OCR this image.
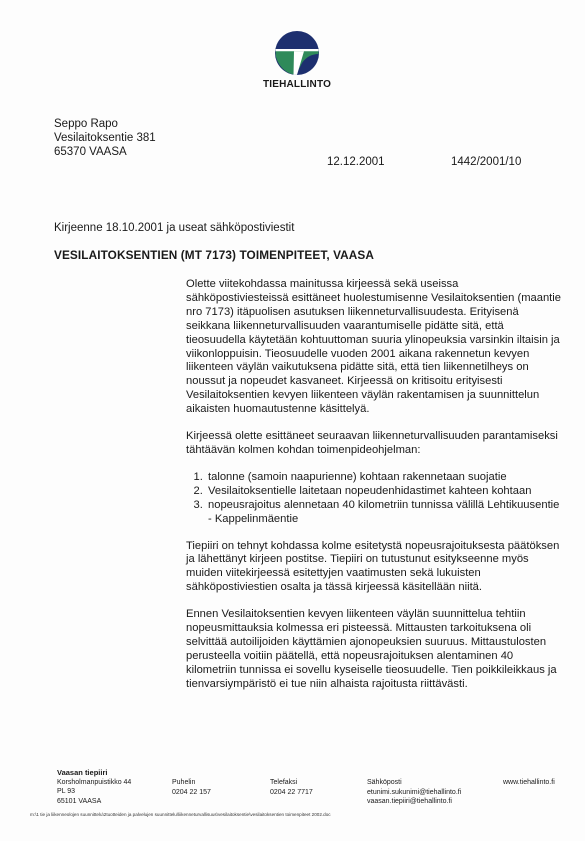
TIEHALLINTO
Seppo Rapo
Vesilaitoksentie 381
65370 VAASA
12.12.2001	1442/2001/10
Kirjeenne 18.10.2001 ja useat sähköpostiviestit
VESILAITOKSENTIEN (MT 7173) TOIMENPITEET, VAASA

Olette viitekohdassa mainitussa kirjeessä sekä useissa sähköpostiviesteissä esittäneet huolestumisenne Vesilaitoksentien (maantie nro 7173) itäpuolisen asutuksen liikenneturvallisuudesta. Erityisenä seikkana liikenneturvallisuuden vaarantumiselle pidätte sitä, että tieosuudella käytetään kohtuuttoman suuria ylinopeuksia varsinkin iltaisin ja viikonloppuisin. Tieosuudelle vuoden 2001 aikana rakennetun kevyen liikenteen väylän vaikutuksena pidätte sitä, että tien liikennetilheys on noussut ja nopeudet kasvaneet. Kirjeessä on kritisoitu erityisesti Vesilaitoksentien kevyen liikenteen väylän rakentamisen ja suunnittelun aikaisten huomautustenne käsittelyä.

Kirjeessä olette esittäneet seuraavan liikenneturvallisuuden parantamiseksi tähtäävän kolmen kohdan toimenpideohjelman:

1. talonne (samoin naapurienne) kohtaan rakennetaan suojatie
2. Vesilaitoksentielle laitetaan nopeudenhidastimet kahteen kohtaan
3. nopeusrajoitus alennetaan 40 kilometriin tunnissa välillä Lehtikuusentie - Kappelinmäentie

Tiepiiri on tehnyt kohdassa kolme esitetystä nopeusrajoituksesta päätöksen ja lähettänyt kirjeen postitse. Tiepiiri on tutustunut esitykseenne myös muiden viitekirjeessä esitettyjen vaatimusten sekä lukuisten sähköpostiviestien osalta ja tässä kirjeessä käsitellään niitä.

Ennen Vesilaitoksentien kevyen liikenteen väylän suunnittelua tehtiin nopeusmittauksia kolmessa eri pisteessä. Mittausten tarkoituksena oli selvittää autoilijoiden käyttämien ajonopeuksien suuruus. Mittaustulosten perusteella voitiin päätellä, että nopeusrajoituksen alentaminen 40 kilometriin tunnissa ei sovellu kyseiselle tieosuudelle. Tien poikkileikkaus ja tienvarsiympäristö ei tue niin alhaista rajoitusta riittävästi.

Vaasan tiepiiri
Korsholmanpuistikko 44
PL 93
65101 VAASA
Puhelin
0204 22 157
Telefaksi
0204 22 7717
Sähköposti
etunimi.sukunimi@tiehallinto.fi
vaasan.tiepiiri@tiehallinto.fi
www.tiehallinto.fi
m:\1 tie ja liikenneolojen suunnittelu\2tuotteiden ja palvelujen suunnittelu\liikenneturvallisuus\vesilaitoksentie\vesilaitoksentien toimenpiteet 2002.doc
